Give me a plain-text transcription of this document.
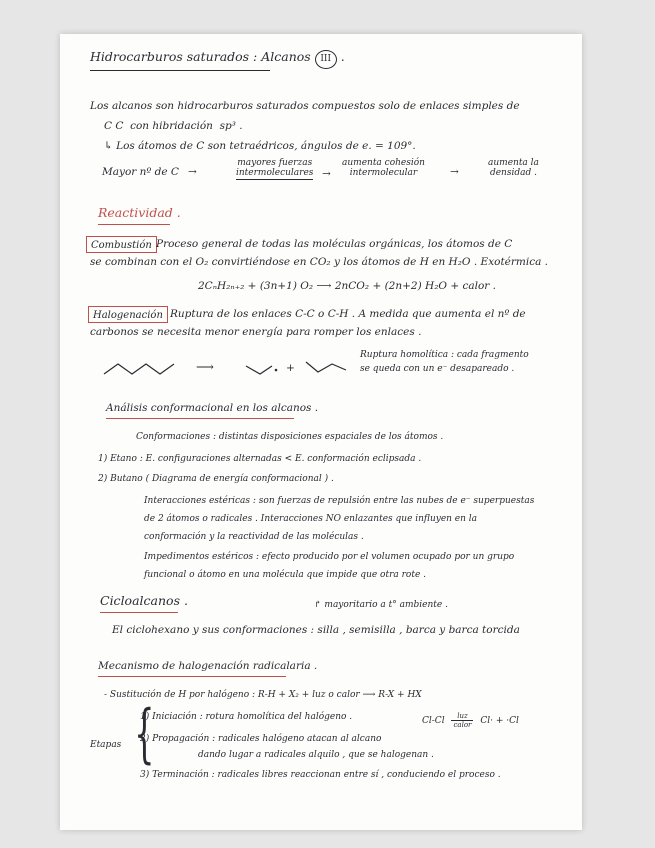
Hidrocarburos saturados : Alcanos III .
Los alcanos son hidrocarburos saturados compuestos solo de enlaces simples de
C C con hibridación sp³ .
↳ Los átomos de C son tetraédricos, ángulos de e. = 109°.
Mayor nº de C →
mayores fuerzas
intermoleculares →
aumenta cohesión
intermolecular	→
aumenta la
densidad .
Reactividad .
Combustión Proceso general de todas las moléculas orgánicas, los átomos de C
se combinan con el O₂ convirtiéndose en CO₂ y los átomos de H en H₂O . Exotérmica .
2CₙH₂ₙ₊₂ + (3n+1) O₂ ⟶ 2nCO₂ + (2n+2) H₂O + calor .
Halogenación Ruptura de los enlaces C-C o C-H . A medida que aumenta el nº de
carbonos se necesita menor energía para romper los enlaces .
⟶	+
Ruptura homolítica : cada fragmento
se queda con un e⁻ desapareado .
Análisis conformacional en los alcanos .
Conformaciones : distintas disposiciones espaciales de los átomos .
1) Etano : E. configuraciones alternadas < E. conformación eclipsada .
2) Butano ( Diagrama de energía conformacional ) .
Interacciones estéricas : son fuerzas de repulsión entre las nubes de e⁻ superpuestas
de 2 átomos o radicales . Interacciones NO enlazantes que influyen en la
conformación y la reactividad de las moléculas .
Impedimentos estéricos : efecto producido por el volumen ocupado por un grupo
funcional o átomo en una molécula que impide que otra rote .
Cicloalcanos .	↱ mayoritario a t° ambiente .
El ciclohexano y sus conformaciones : silla , semisilla , barca y barca torcida
Mecanismo de halogenación radicalaria .
- Sustitución de H por halógeno : R-H + X₂ + luz o calor ⟶ R-X + HX
Etapas {
1) Iniciación : rotura homolítica del halógeno .	Cl-Cl	luz
calor Cl· + ·Cl
2) Propagación : radicales halógeno atacan al alcano
dando lugar a radicales alquilo , que se halogenan .
3) Terminación : radicales libres reaccionan entre sí , conduciendo el proceso .
